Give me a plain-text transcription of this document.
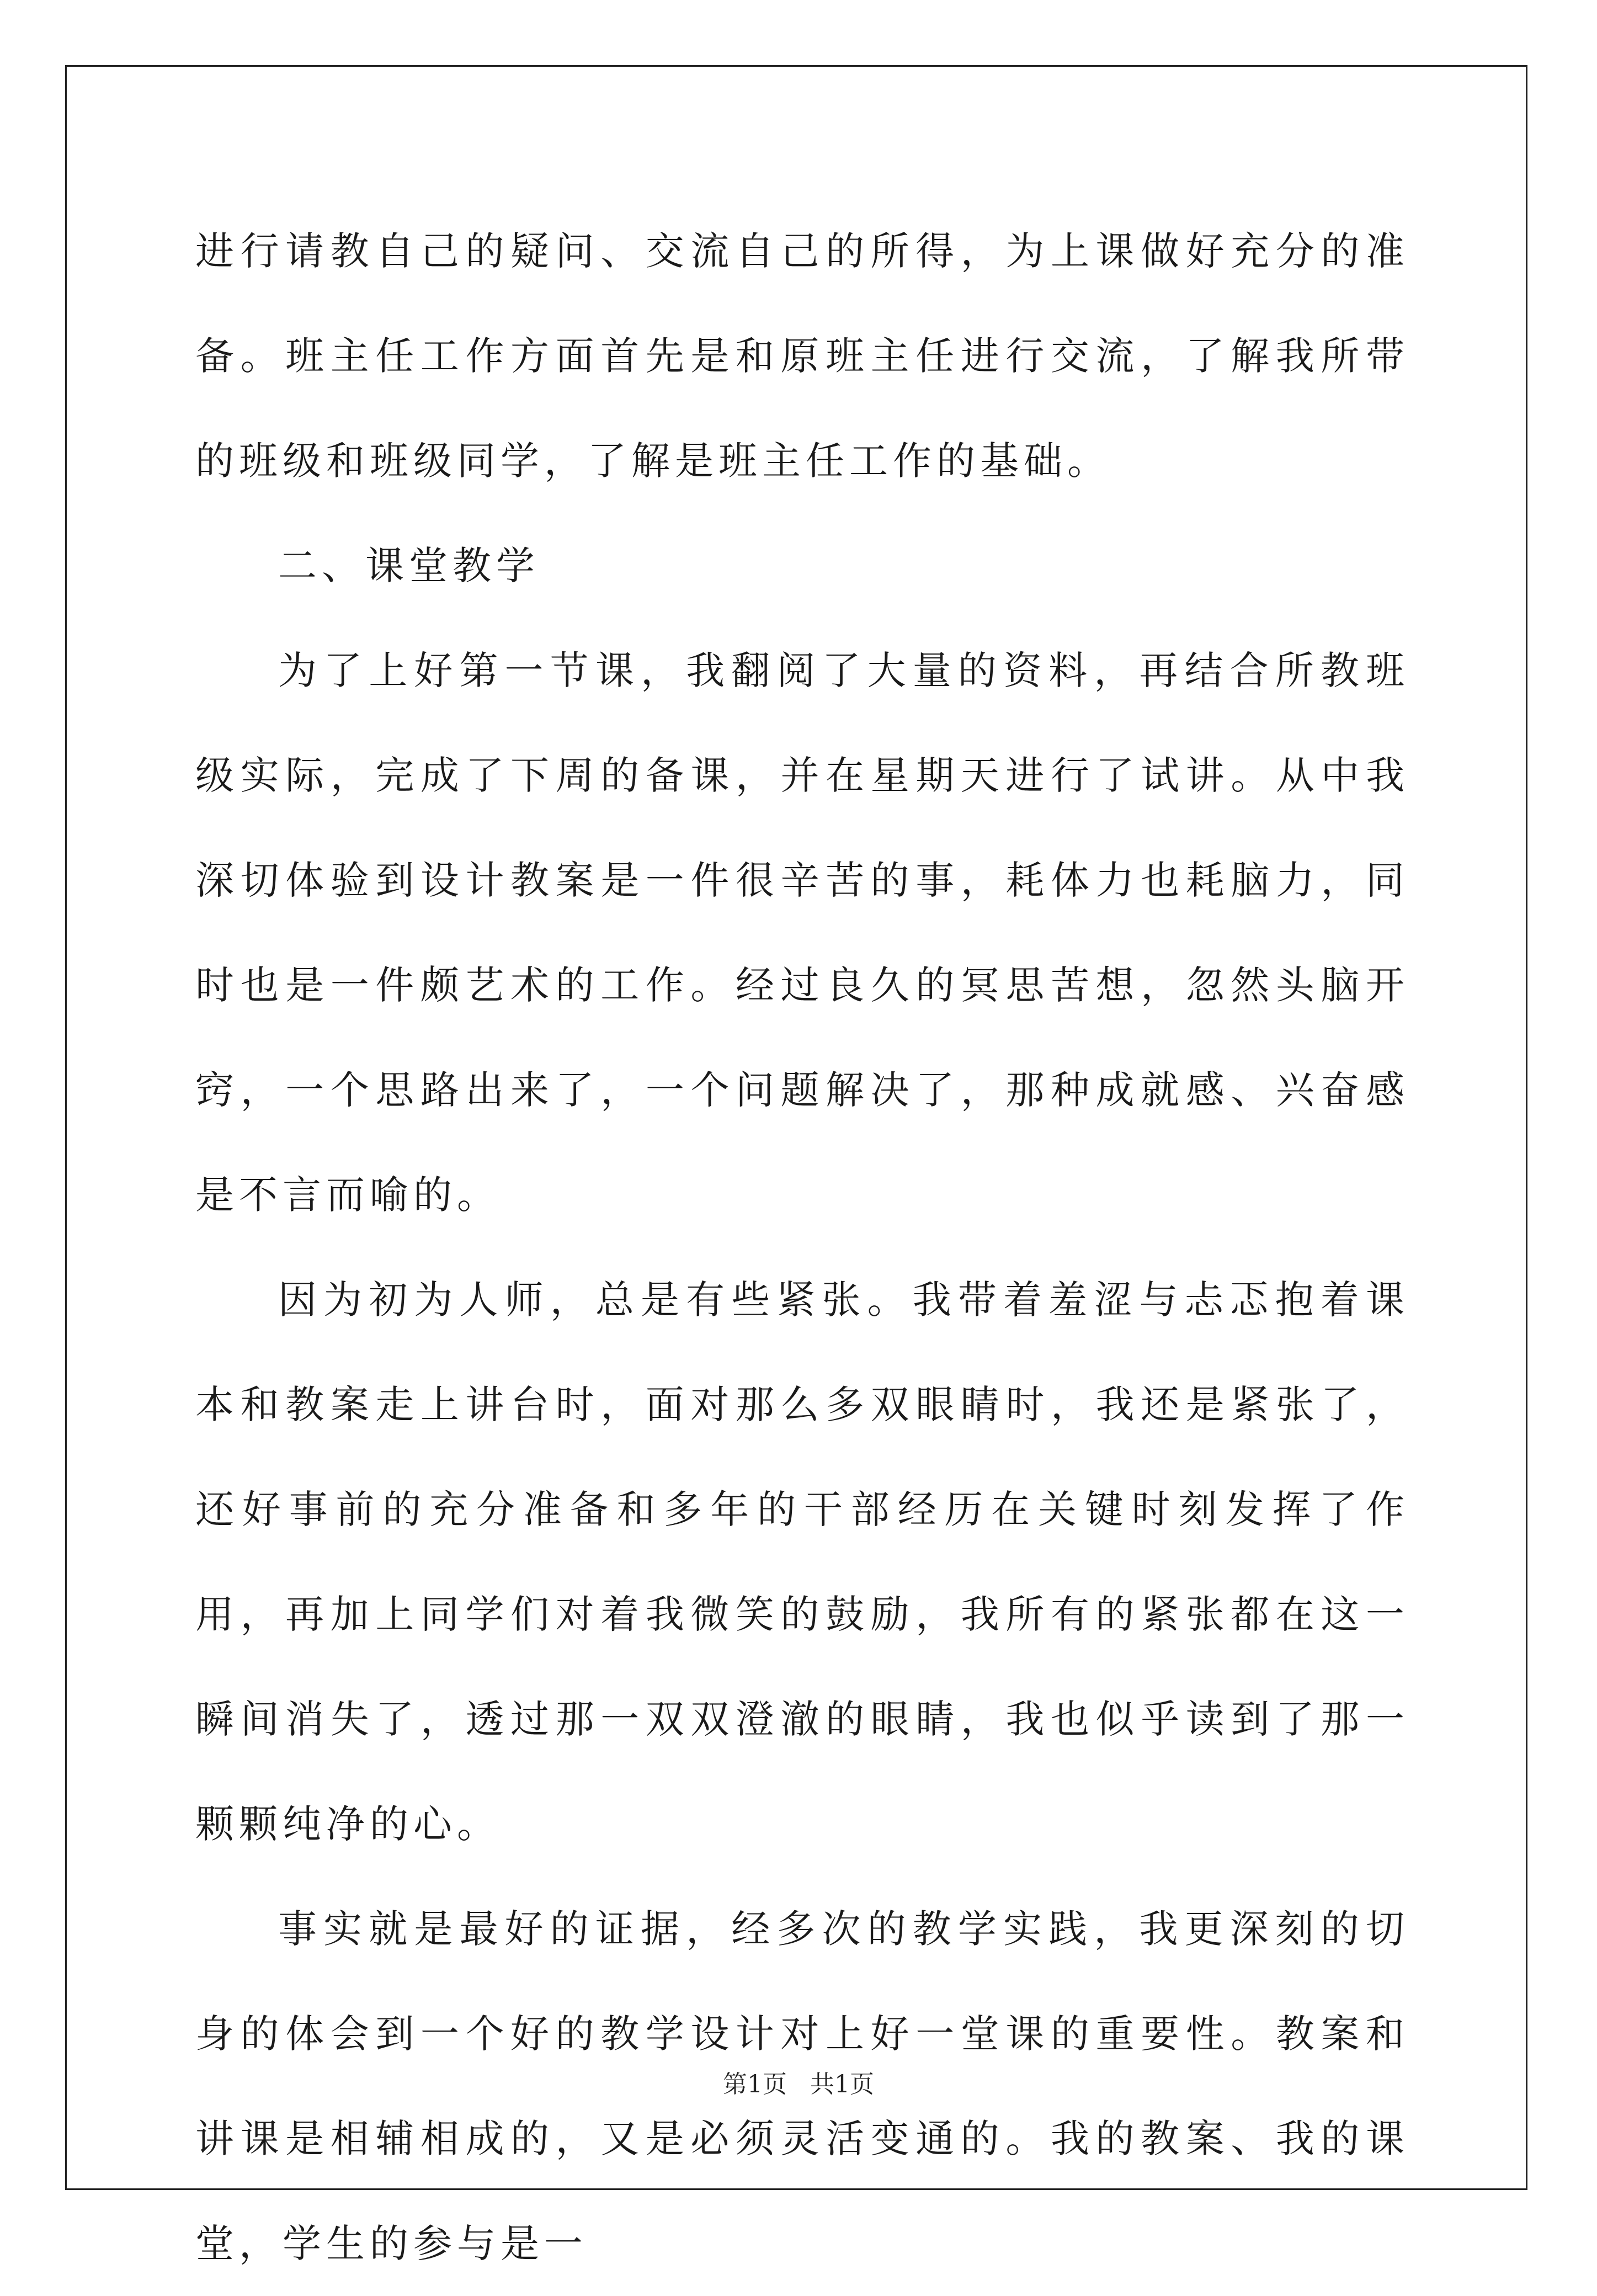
进行请教自己的疑问、交流自己的所得，为上课做好充分的准备。班主任工作方面首先是和原班主任进行交流，了解我所带的班级和班级同学，了解是班主任工作的基础。

二、课堂教学

为了上好第一节课，我翻阅了大量的资料，再结合所教班级实际，完成了下周的备课，并在星期天进行了试讲。从中我深切体验到设计教案是一件很辛苦的事，耗体力也耗脑力，同时也是一件颇艺术的工作。经过良久的冥思苦想，忽然头脑开窍，一个思路出来了，一个问题解决了，那种成就感、兴奋感是不言而喻的。

因为初为人师，总是有些紧张。我带着羞涩与忐忑抱着课本和教案走上讲台时，面对那么多双眼睛时，我还是紧张了，还好事前的充分准备和多年的干部经历在关键时刻发挥了作用，再加上同学们对着我微笑的鼓励，我所有的紧张都在这一瞬间消失了，透过那一双双澄澈的眼睛，我也似乎读到了那一颗颗纯净的心。

事实就是最好的证据，经多次的教学实践，我更深刻的切身的体会到一个好的教学设计对上好一堂课的重要性。教案和讲课是相辅相成的，又是必须灵活变通的。我的教案、我的课堂，学生的参与是一

第1页   共1页
